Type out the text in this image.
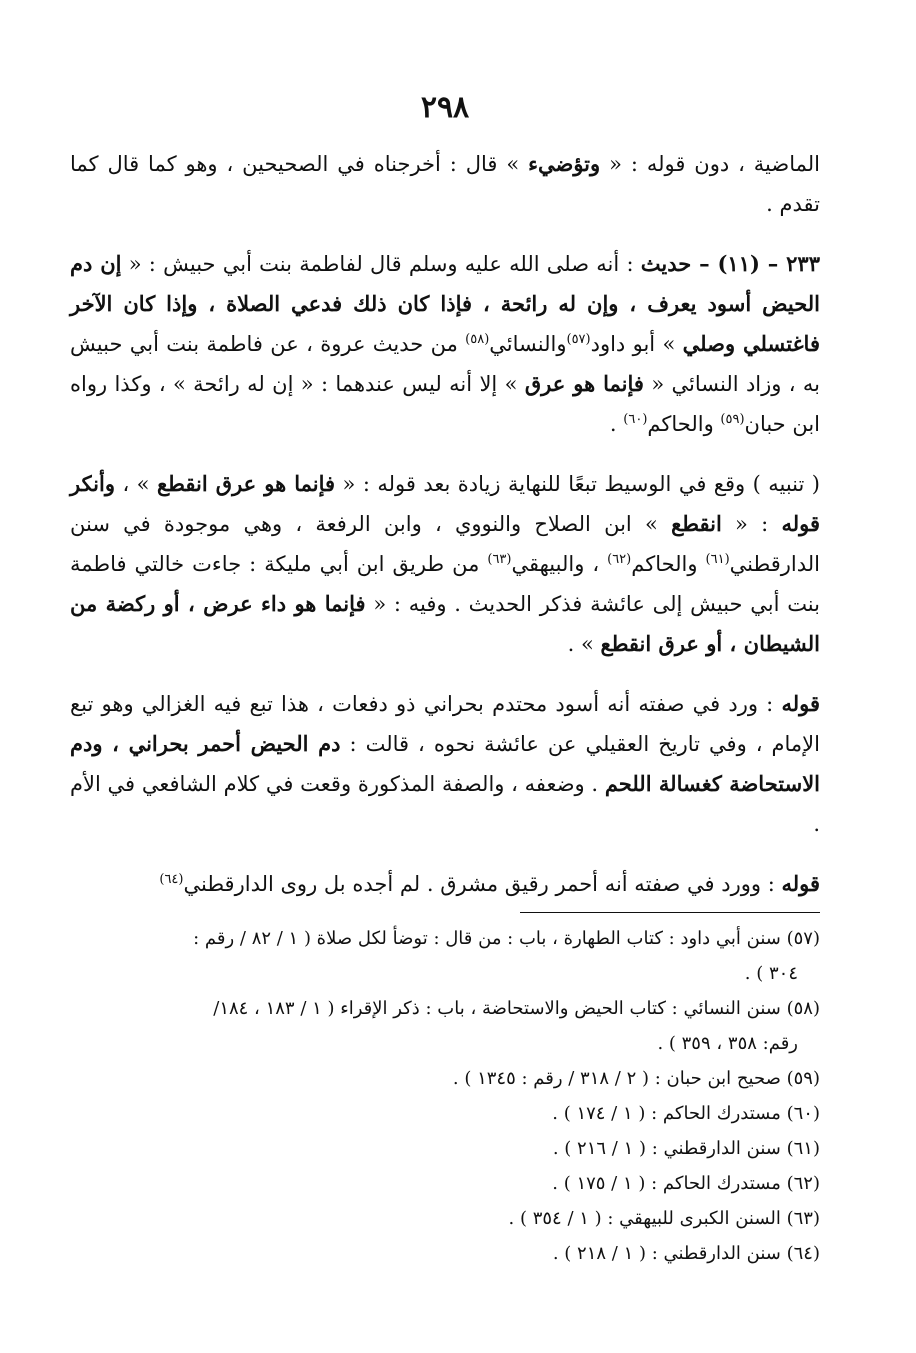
٢٩٨

الماضية ، دون قوله : « وتؤضيء » قال : أخرجناه في الصحيحين ، وهو كما قال كما تقدم .

٢٣٣ – (١١) – حديث : أنه صلى الله عليه وسلم قال لفاطمة بنت أبي حبيش : « إن دم الحيض أسود يعرف ، وإن له رائحة ، فإذا كان ذلك فدعي الصلاة ، وإذا كان الآخر فاغتسلي وصلي » أبو داود$^{(٥٧)}$والنسائي$^{(٥٨)}$ من حديث عروة ، عن فاطمة بنت أبي حبيش به ، وزاد النسائي « فإنما هو عرق » إلا أنه ليس عندهما : « إن له رائحة » ، وكذا رواه ابن حبان$^{(٥٩)}$ والحاكم$^{(٦٠)}$ .

( تنبيه ) وقع في الوسيط تبعًا للنهاية زيادة بعد قوله : « فإنما هو عرق انقطع » ، وأنكر قوله : « انقطع » ابن الصلاح والنووي ، وابن الرفعة ، وهي موجودة في سنن الدارقطني$^{(٦١)}$ والحاكم$^{(٦٢)}$ ، والبيهقي$^{(٦٣)}$ من طريق ابن أبي مليكة : جاءت خالتي فاطمة بنت أبي حبيش إلى عائشة فذكر الحديث . وفيه : « فإنما هو داء عرض ، أو ركضة من الشيطان ، أو عرق انقطع » .

قوله : ورد في صفته أنه أسود محتدم بحراني ذو دفعات ، هذا تبع فيه الغزالي وهو تبع الإمام ، وفي تاريخ العقيلي عن عائشة نحوه ، قالت : دم الحيض أحمر بحراني ، ودم الاستحاضة كغسالة اللحم . وضعفه ، والصفة المذكورة وقعت في كلام الشافعي في الأم .

قوله : وورد في صفته أنه أحمر رقيق مشرق . لم أجده بل روى الدارقطني$^{(٦٤)}$

(٥٧) سنن أبي داود : كتاب الطهارة ، باب : من قال : توضأ لكل صلاة ( ١ / ٨٢ / رقم :

٣٠٤ ) .

(٥٨) سنن النسائي : كتاب الحيض والاستحاضة ، باب : ذكر الإقراء ( ١ / ١٨٣ ، ١٨٤/

رقم: ٣٥٨ ، ٣٥٩ ) .

(٥٩) صحيح ابن حبان : ( ٢ / ٣١٨ / رقم : ١٣٤٥ ) .

(٦٠) مستدرك الحاكم : ( ١ / ١٧٤ ) .

(٦١) سنن الدارقطني : ( ١ / ٢١٦ ) .

(٦٢) مستدرك الحاكم : ( ١ / ١٧٥ ) .

(٦٣) السنن الكبرى للبيهقي : ( ١ / ٣٥٤ ) .

(٦٤) سنن الدارقطني : ( ١ / ٢١٨ ) .
